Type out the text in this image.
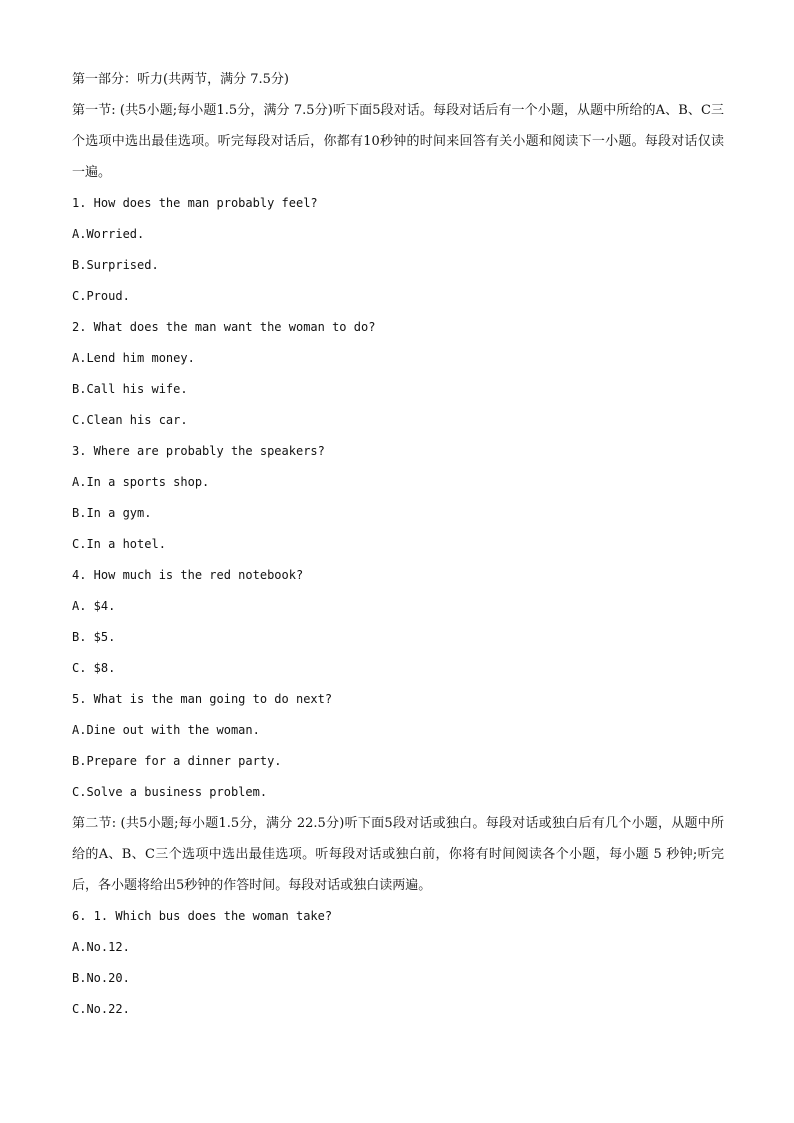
第一部分：听力(共两节，满分 7.5分)
第一节: (共5小题;每小题1.5分，满分 7.5分)听下面5段对话。每段对话后有一个小题，从题中所给的A、B、C三个选项中选出最佳选项。听完每段对话后，你都有10秒钟的时间来回答有关小题和阅读下一小题。每段对话仅读一遍。
1. How does the man probably feel?
A.Worried.
B.Surprised.
C.Proud.
2. What does the man want the woman to do?
A.Lend him money.
B.Call his wife.
C.Clean his car.
3. Where are probably the speakers?
A.In a sports shop.
B.In a gym.
C.In a hotel.
4. How much is the red notebook?
A. $4.
B. $5.
C. $8.
5. What is the man going to do next?
A.Dine out with the woman.
B.Prepare for a dinner party.
C.Solve a business problem.
第二节: (共5小题;每小题1.5分，满分 22.5分)听下面5段对话或独白。每段对话或独白后有几个小题，从题中所给的A、B、C三个选项中选出最佳选项。听每段对话或独白前，你将有时间阅读各个小题，每小题 5 秒钟;听完后，各小题将给出5秒钟的作答时间。每段对话或独白读两遍。
6. 1. Which bus does the woman take?
A.No.12.
B.No.20.
C.No.22.
